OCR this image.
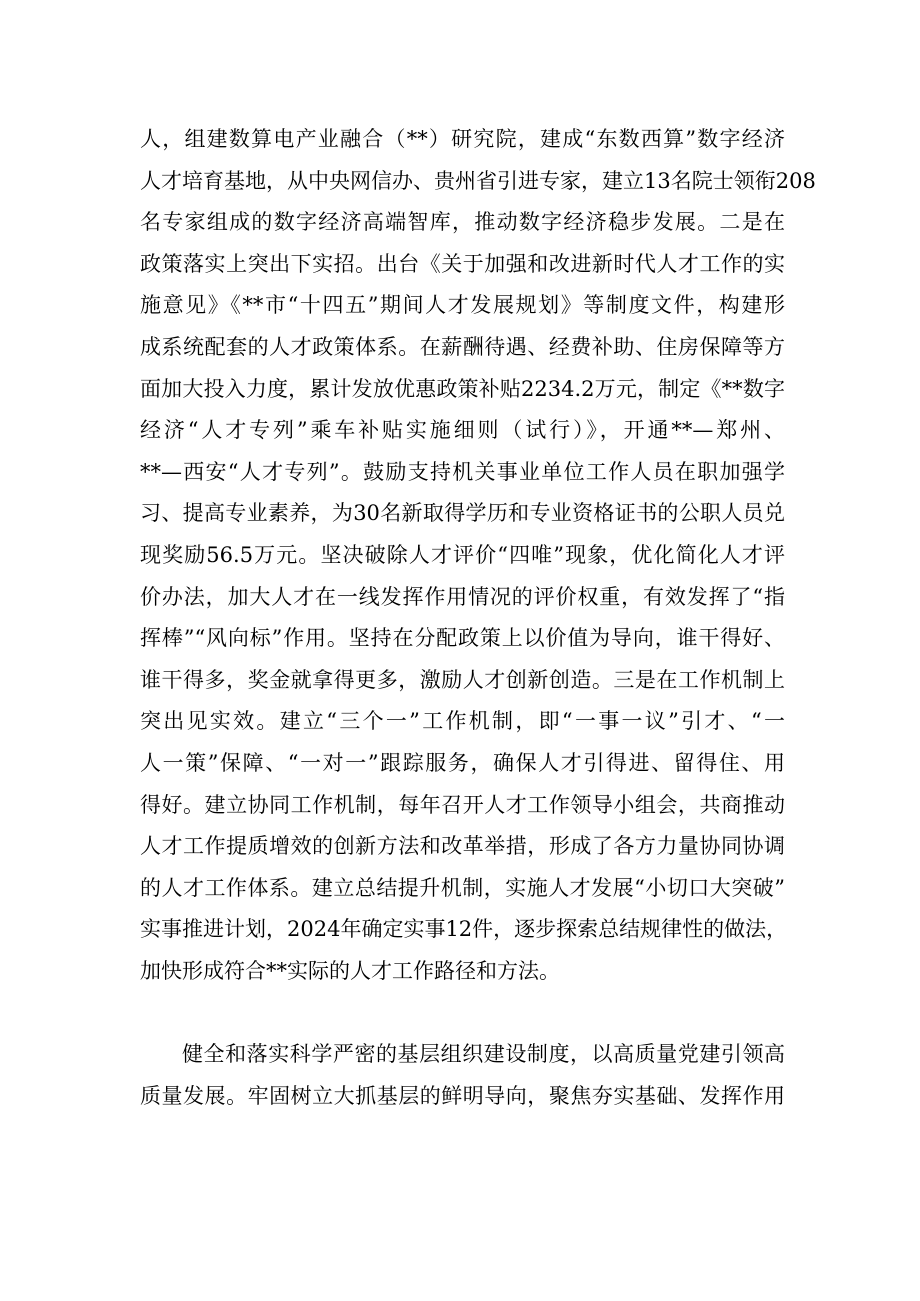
人，组建数算电产业融合（**）研究院，建成“东数西算”数字经济
人才培育基地，从中央网信办、贵州省引进专家，建立13名院士领衔208
名专家组成的数字经济高端智库，推动数字经济稳步发展。二是在
政策落实上突出下实招。出台《关于加强和改进新时代人才工作的实
施意见》《**市“十四五”期间人才发展规划》等制度文件，构建形
成系统配套的人才政策体系。在薪酬待遇、经费补助、住房保障等方
面加大投入力度，累计发放优惠政策补贴2234.2万元，制定《**数字
经济“人才专列”乘车补贴实施细则（试行）》，开通**—郑州、
**—西安“人才专列”。鼓励支持机关事业单位工作人员在职加强学
习、提高专业素养，为30名新取得学历和专业资格证书的公职人员兑
现奖励56.5万元。坚决破除人才评价“四唯”现象，优化简化人才评
价办法，加大人才在一线发挥作用情况的评价权重，有效发挥了“指
挥棒”“风向标”作用。坚持在分配政策上以价值为导向，谁干得好、
谁干得多，奖金就拿得更多，激励人才创新创造。三是在工作机制上
突出见实效。建立“三个一”工作机制，即“一事一议”引才、“一
人一策”保障、“一对一”跟踪服务，确保人才引得进、留得住、用
得好。建立协同工作机制，每年召开人才工作领导小组会，共商推动
人才工作提质增效的创新方法和改革举措，形成了各方力量协同协调
的人才工作体系。建立总结提升机制，实施人才发展“小切口大突破”
实事推进计划，2024年确定实事12件，逐步探索总结规律性的做法，
加快形成符合**实际的人才工作路径和方法。
健全和落实科学严密的基层组织建设制度，以高质量党建引领高
质量发展。牢固树立大抓基层的鲜明导向，聚焦夯实基础、发挥作用
